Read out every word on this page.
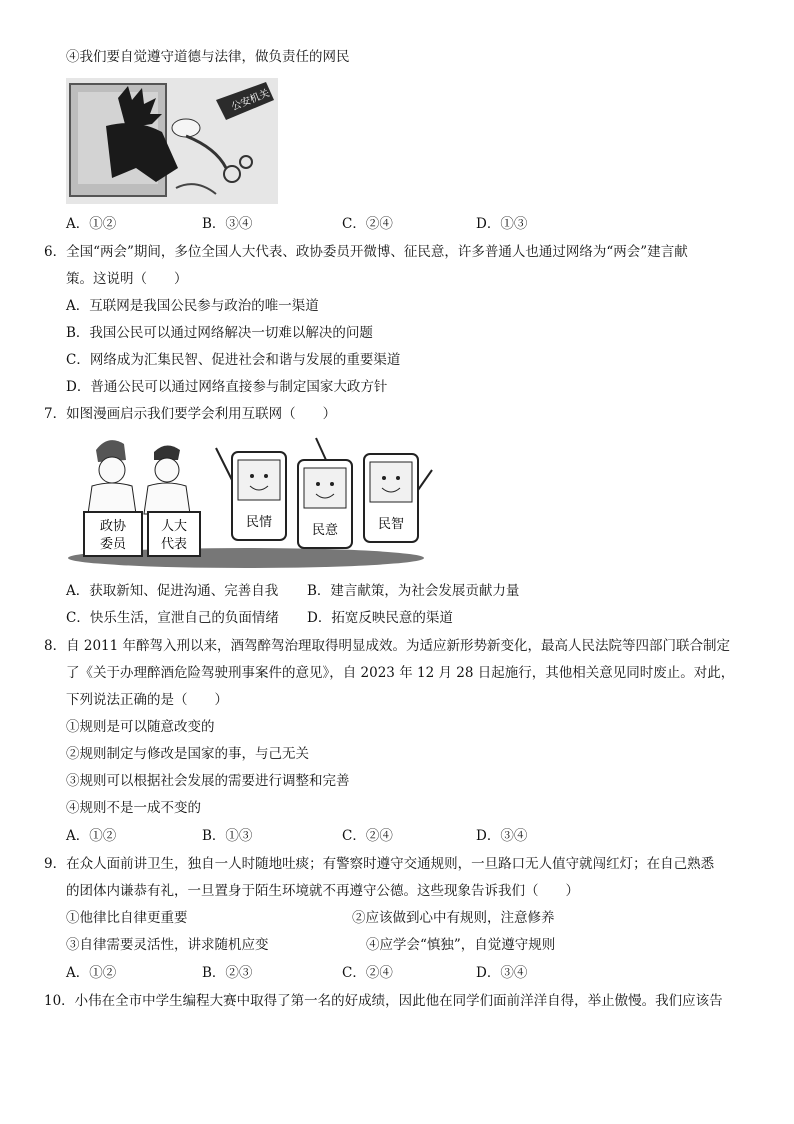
④我们要自觉遵守道德与法律，做负责任的网民
公安机关
A．①②	B．③④	C．②④	D．①③
6．全国“两会”期间，多位全国人大代表、政协委员开微博、征民意，许多普通人也通过网络为“两会”建言献
策。这说明（　　）
A．互联网是我国公民参与政治的唯一渠道
B．我国公民可以通过网络解决一切难以解决的问题
C．网络成为汇集民智、促进社会和谐与发展的重要渠道
D．普通公民可以通过网络直接参与制定国家大政方针
7．如图漫画启示我们要学会利用互联网（　　）
政协
委员
人大
代表
民情
民意	民智
A．获取新知、促进沟通、完善自我	B．建言献策，为社会发展贡献力量
C．快乐生活，宣泄自己的负面情绪	D．拓宽反映民意的渠道
8．自 2011 年醉驾入刑以来，酒驾醉驾治理取得明显成效。为适应新形势新变化，最高人民法院等四部门联合制定
了《关于办理醉酒危险驾驶刑事案件的意见》，自 2023 年 12 月 28 日起施行，其他相关意见同时废止。对此，
下列说法正确的是（　　）
①规则是可以随意改变的
②规则制定与修改是国家的事，与己无关
③规则可以根据社会发展的需要进行调整和完善
④规则不是一成不变的
A．①②	B．①③	C．②④	D．③④
9．在众人面前讲卫生，独自一人时随地吐痰；有警察时遵守交通规则，一旦路口无人值守就闯红灯；在自己熟悉
的团体内谦恭有礼，一旦置身于陌生环境就不再遵守公德。这些现象告诉我们（　　）
①他律比自律更重要	②应该做到心中有规则，注意修养
③自律需要灵活性，讲求随机应变	④应学会“慎独”，自觉遵守规则
A．①②	B．②③	C．②④	D．③④
10．小伟在全市中学生编程大赛中取得了第一名的好成绩，因此他在同学们面前洋洋自得，举止傲慢。我们应该告
